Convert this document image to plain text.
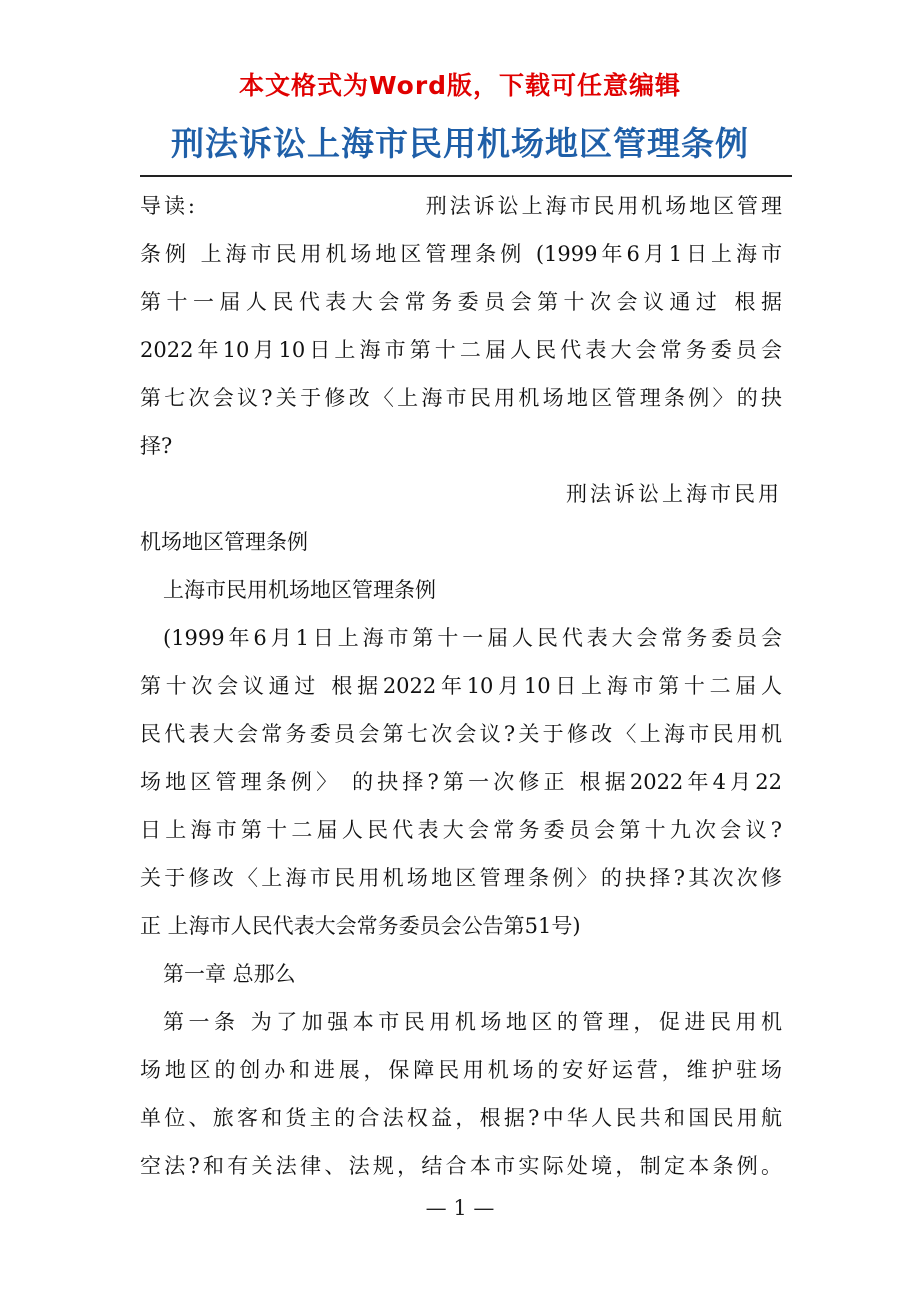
本文格式为Word版，下载可任意编辑
刑法诉讼上海市民用机场地区管理条例

导读:                        刑法诉讼上海市民用机场地区管理

条例 上海市民用机场地区管理条例 (1999年6月1日上海市

第十一届人民代表大会常务委员会第十次会议通过 根据

2022年10月10日上海市第十二届人民代表大会常务委员会

第七次会议?关于修改〈上海市民用机场地区管理条例〉的抉

择?

刑法诉讼上海市民用

机场地区管理条例

上海市民用机场地区管理条例

(1999年6月1日上海市第十一届人民代表大会常务委员会

第十次会议通过 根据2022年10月10日上海市第十二届人

民代表大会常务委员会第七次会议?关于修改〈上海市民用机

场地区管理条例〉 的抉择?第一次修正 根据2022年4月22

日上海市第十二届人民代表大会常务委员会第十九次会议?

关于修改〈上海市民用机场地区管理条例〉的抉择?其次次修

正 上海市人民代表大会常务委员会公告第51号)

第一章 总那么

第一条 为了加强本市民用机场地区的管理，促进民用机

场地区的创办和进展，保障民用机场的安好运营，维护驻场

单位、旅客和货主的合法权益，根据?中华人民共和国民用航

空法?和有关法律、法规，结合本市实际处境，制定本条例。

— 1 —
